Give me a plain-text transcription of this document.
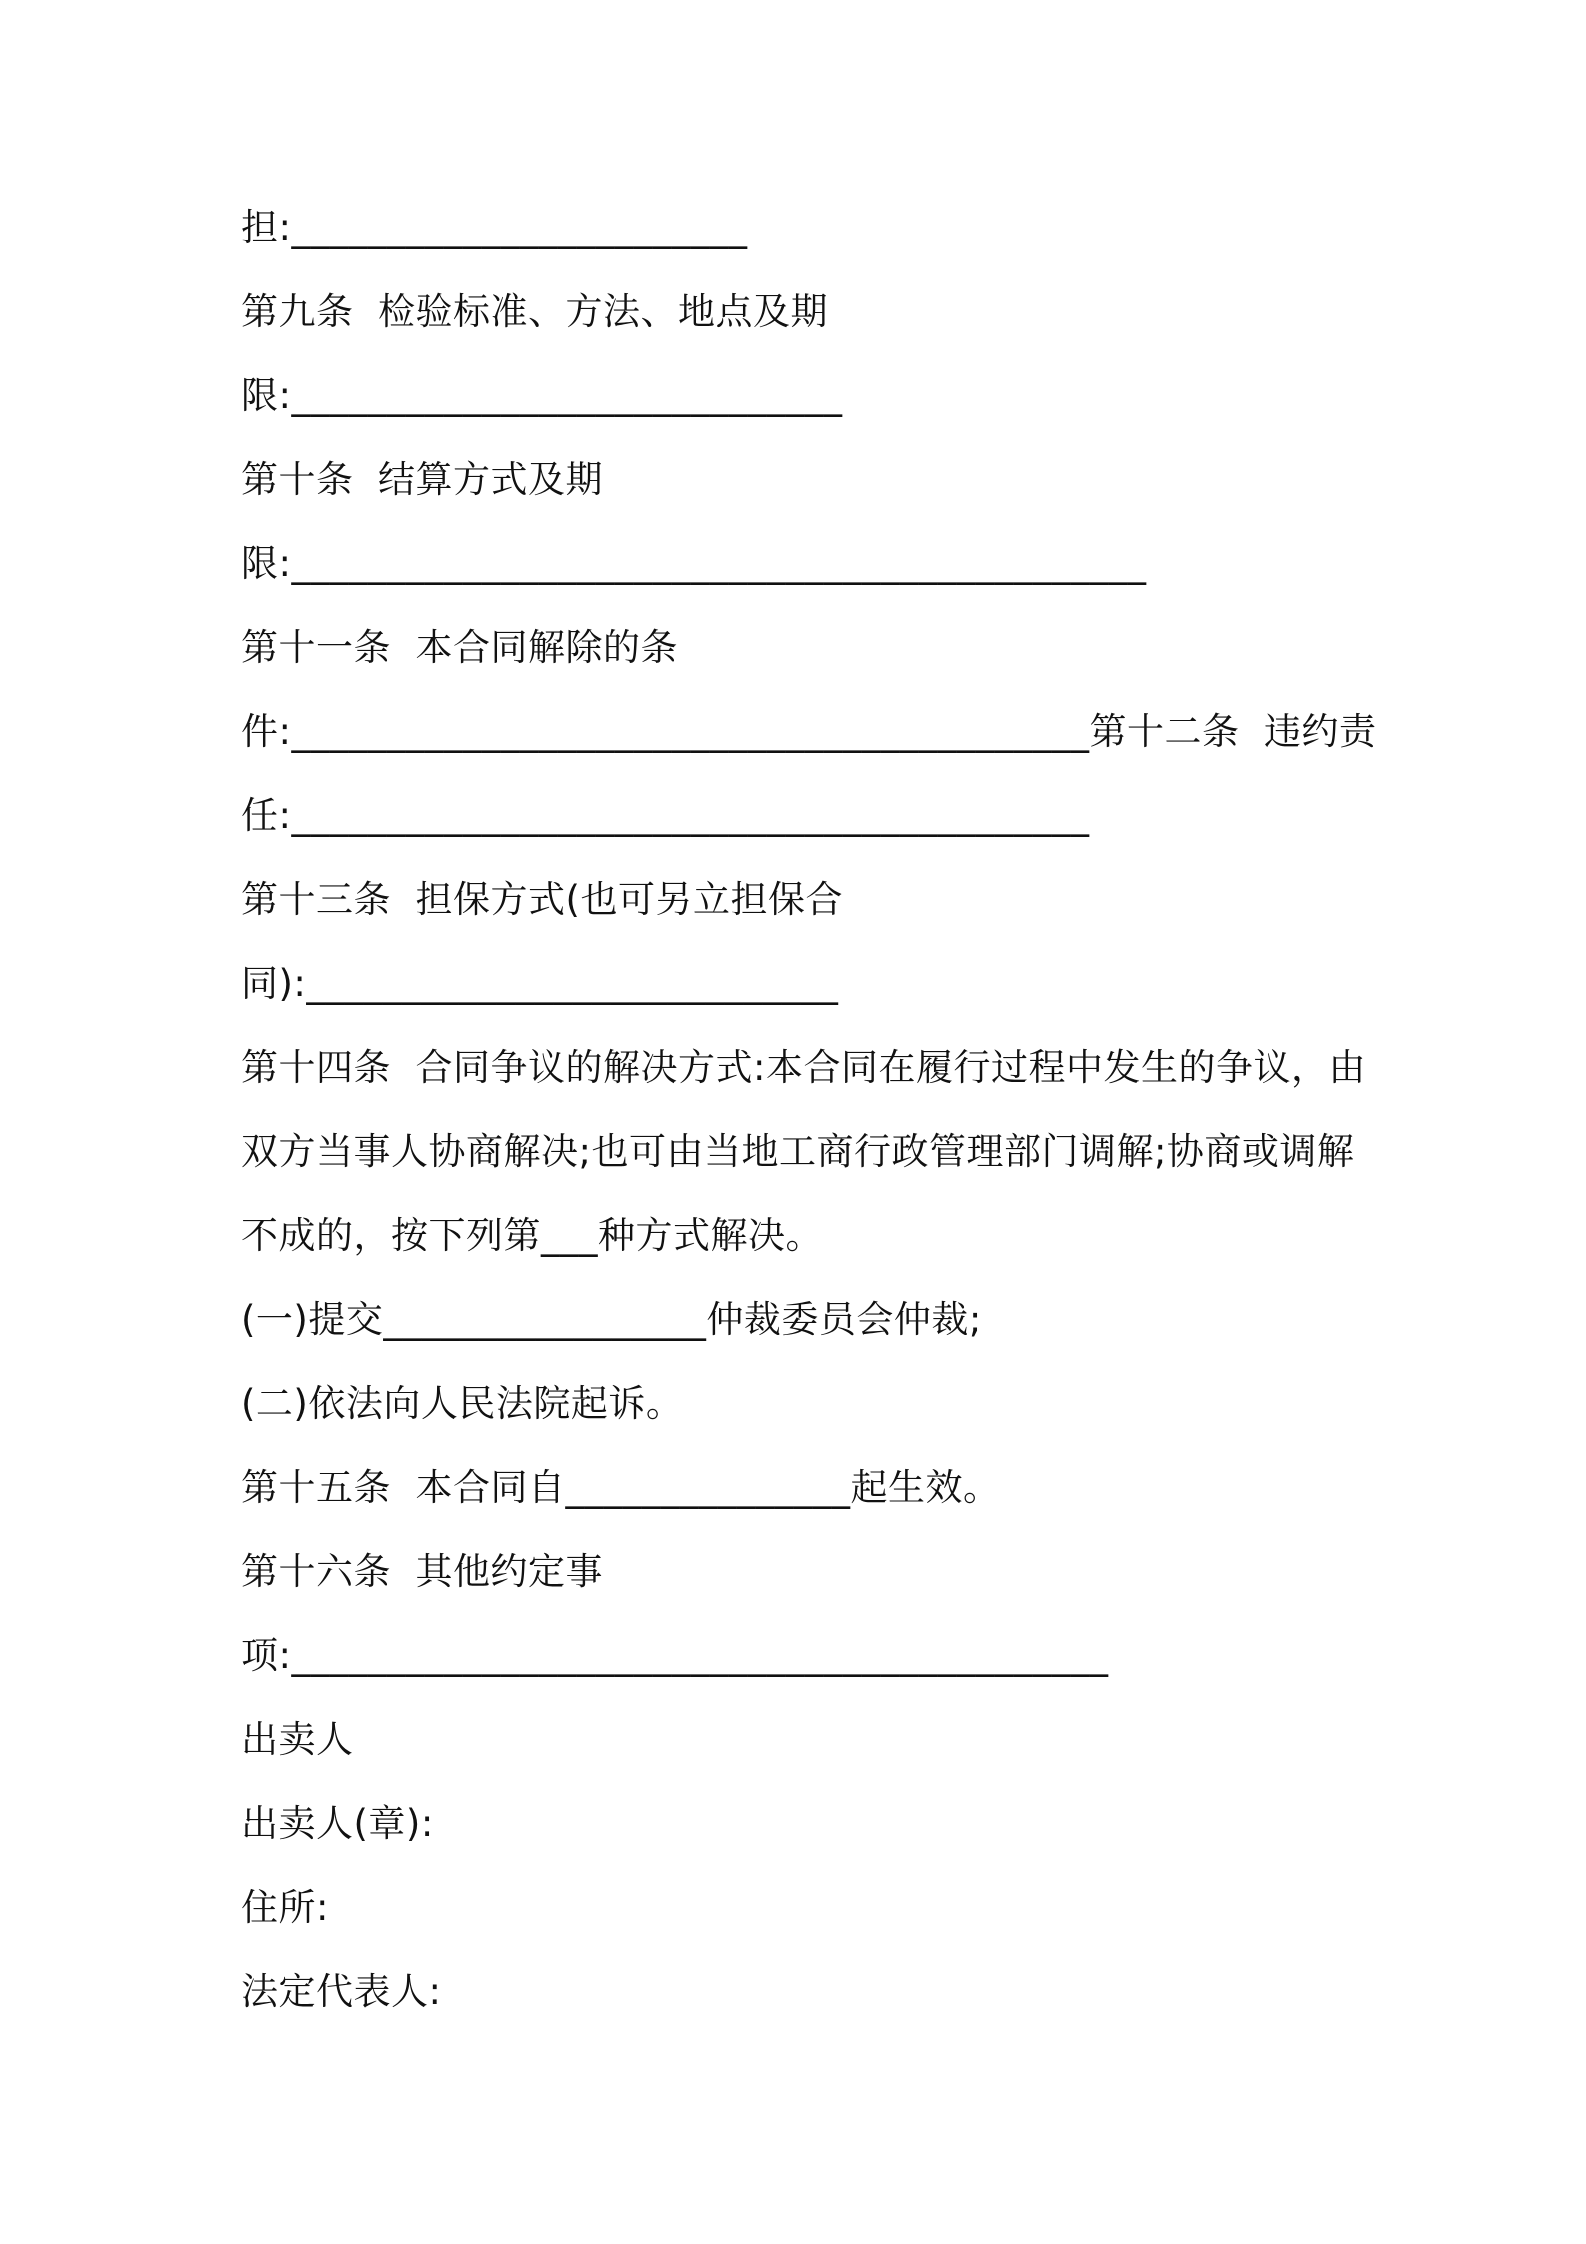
担:________________________
第九条  检验标准、方法、地点及期
限:_____________________________
第十条  结算方式及期
限:_____________________________________________
第十一条  本合同解除的条
件:__________________________________________第十二条  违约责
任:__________________________________________
第十三条  担保方式(也可另立担保合
同):____________________________
第十四条  合同争议的解决方式:本合同在履行过程中发生的争议，由
双方当事人协商解决;也可由当地工商行政管理部门调解;协商或调解
不成的，按下列第___种方式解决。
(一)提交_________________仲裁委员会仲裁;
(二)依法向人民法院起诉。
第十五条  本合同自_______________起生效。
第十六条  其他约定事
项:___________________________________________
出卖人
出卖人(章):
住所:
法定代表人:
